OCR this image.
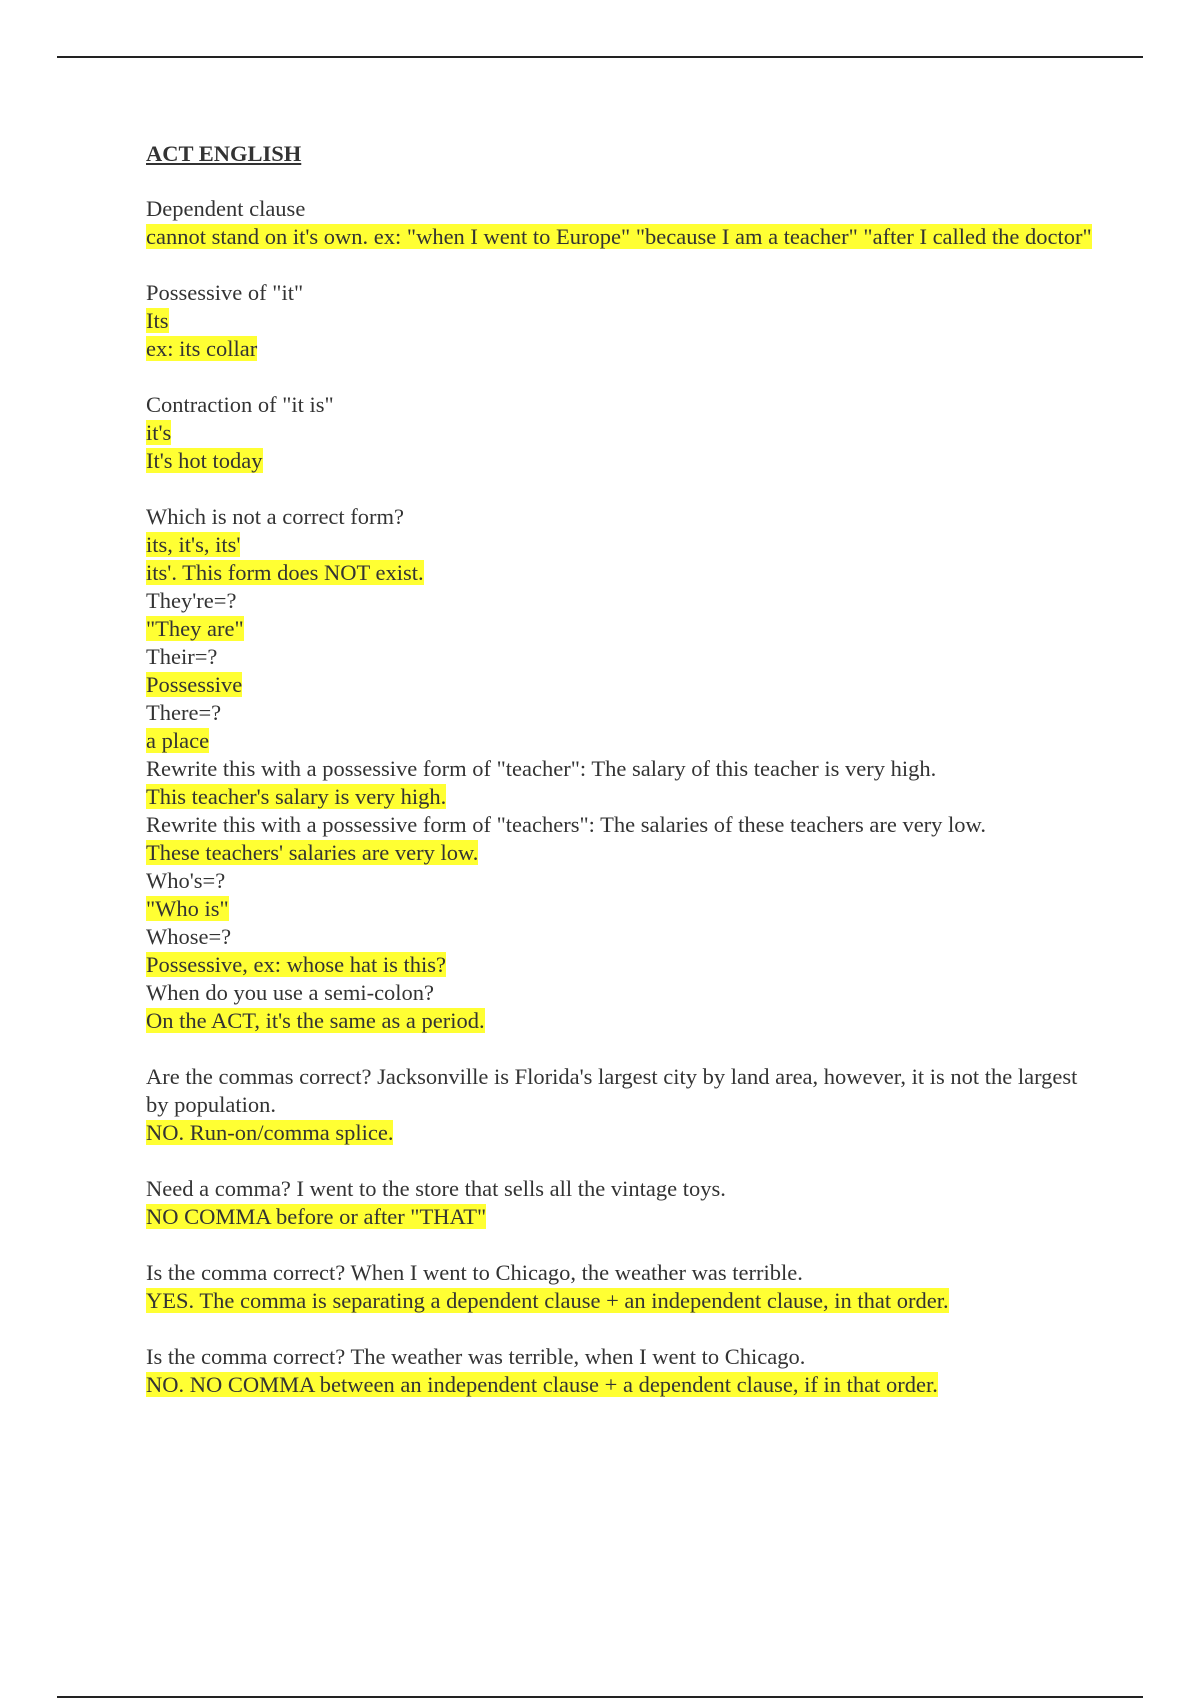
ACT ENGLISH

Dependent clause

cannot stand on it's own. ex: "when I went to Europe" "because I am a teacher" "after I called the doctor"

Possessive of "it"

Its

ex: its collar

Contraction of "it is"

it's

It's hot today

Which is not a correct form?

its, it's, its'

its'. This form does NOT exist.

They're=?

"They are"

Their=?

Possessive

There=?

a place

Rewrite this with a possessive form of "teacher": The salary of this teacher is very high.

This teacher's salary is very high.

Rewrite this with a possessive form of "teachers": The salaries of these teachers are very low.

These teachers' salaries are very low.

Who's=?

"Who is"

Whose=?

Possessive, ex: whose hat is this?

When do you use a semi-colon?

On the ACT, it's the same as a period.

Are the commas correct? Jacksonville is Florida's largest city by land area, however, it is not the largest by population.

NO. Run-on/comma splice.

Need a comma? I went to the store that sells all the vintage toys.

NO COMMA before or after "THAT"

Is the comma correct? When I went to Chicago, the weather was terrible.

YES. The comma is separating a dependent clause + an independent clause, in that order.

Is the comma correct? The weather was terrible, when I went to Chicago.

NO. NO COMMA between an independent clause + a dependent clause, if in that order.
